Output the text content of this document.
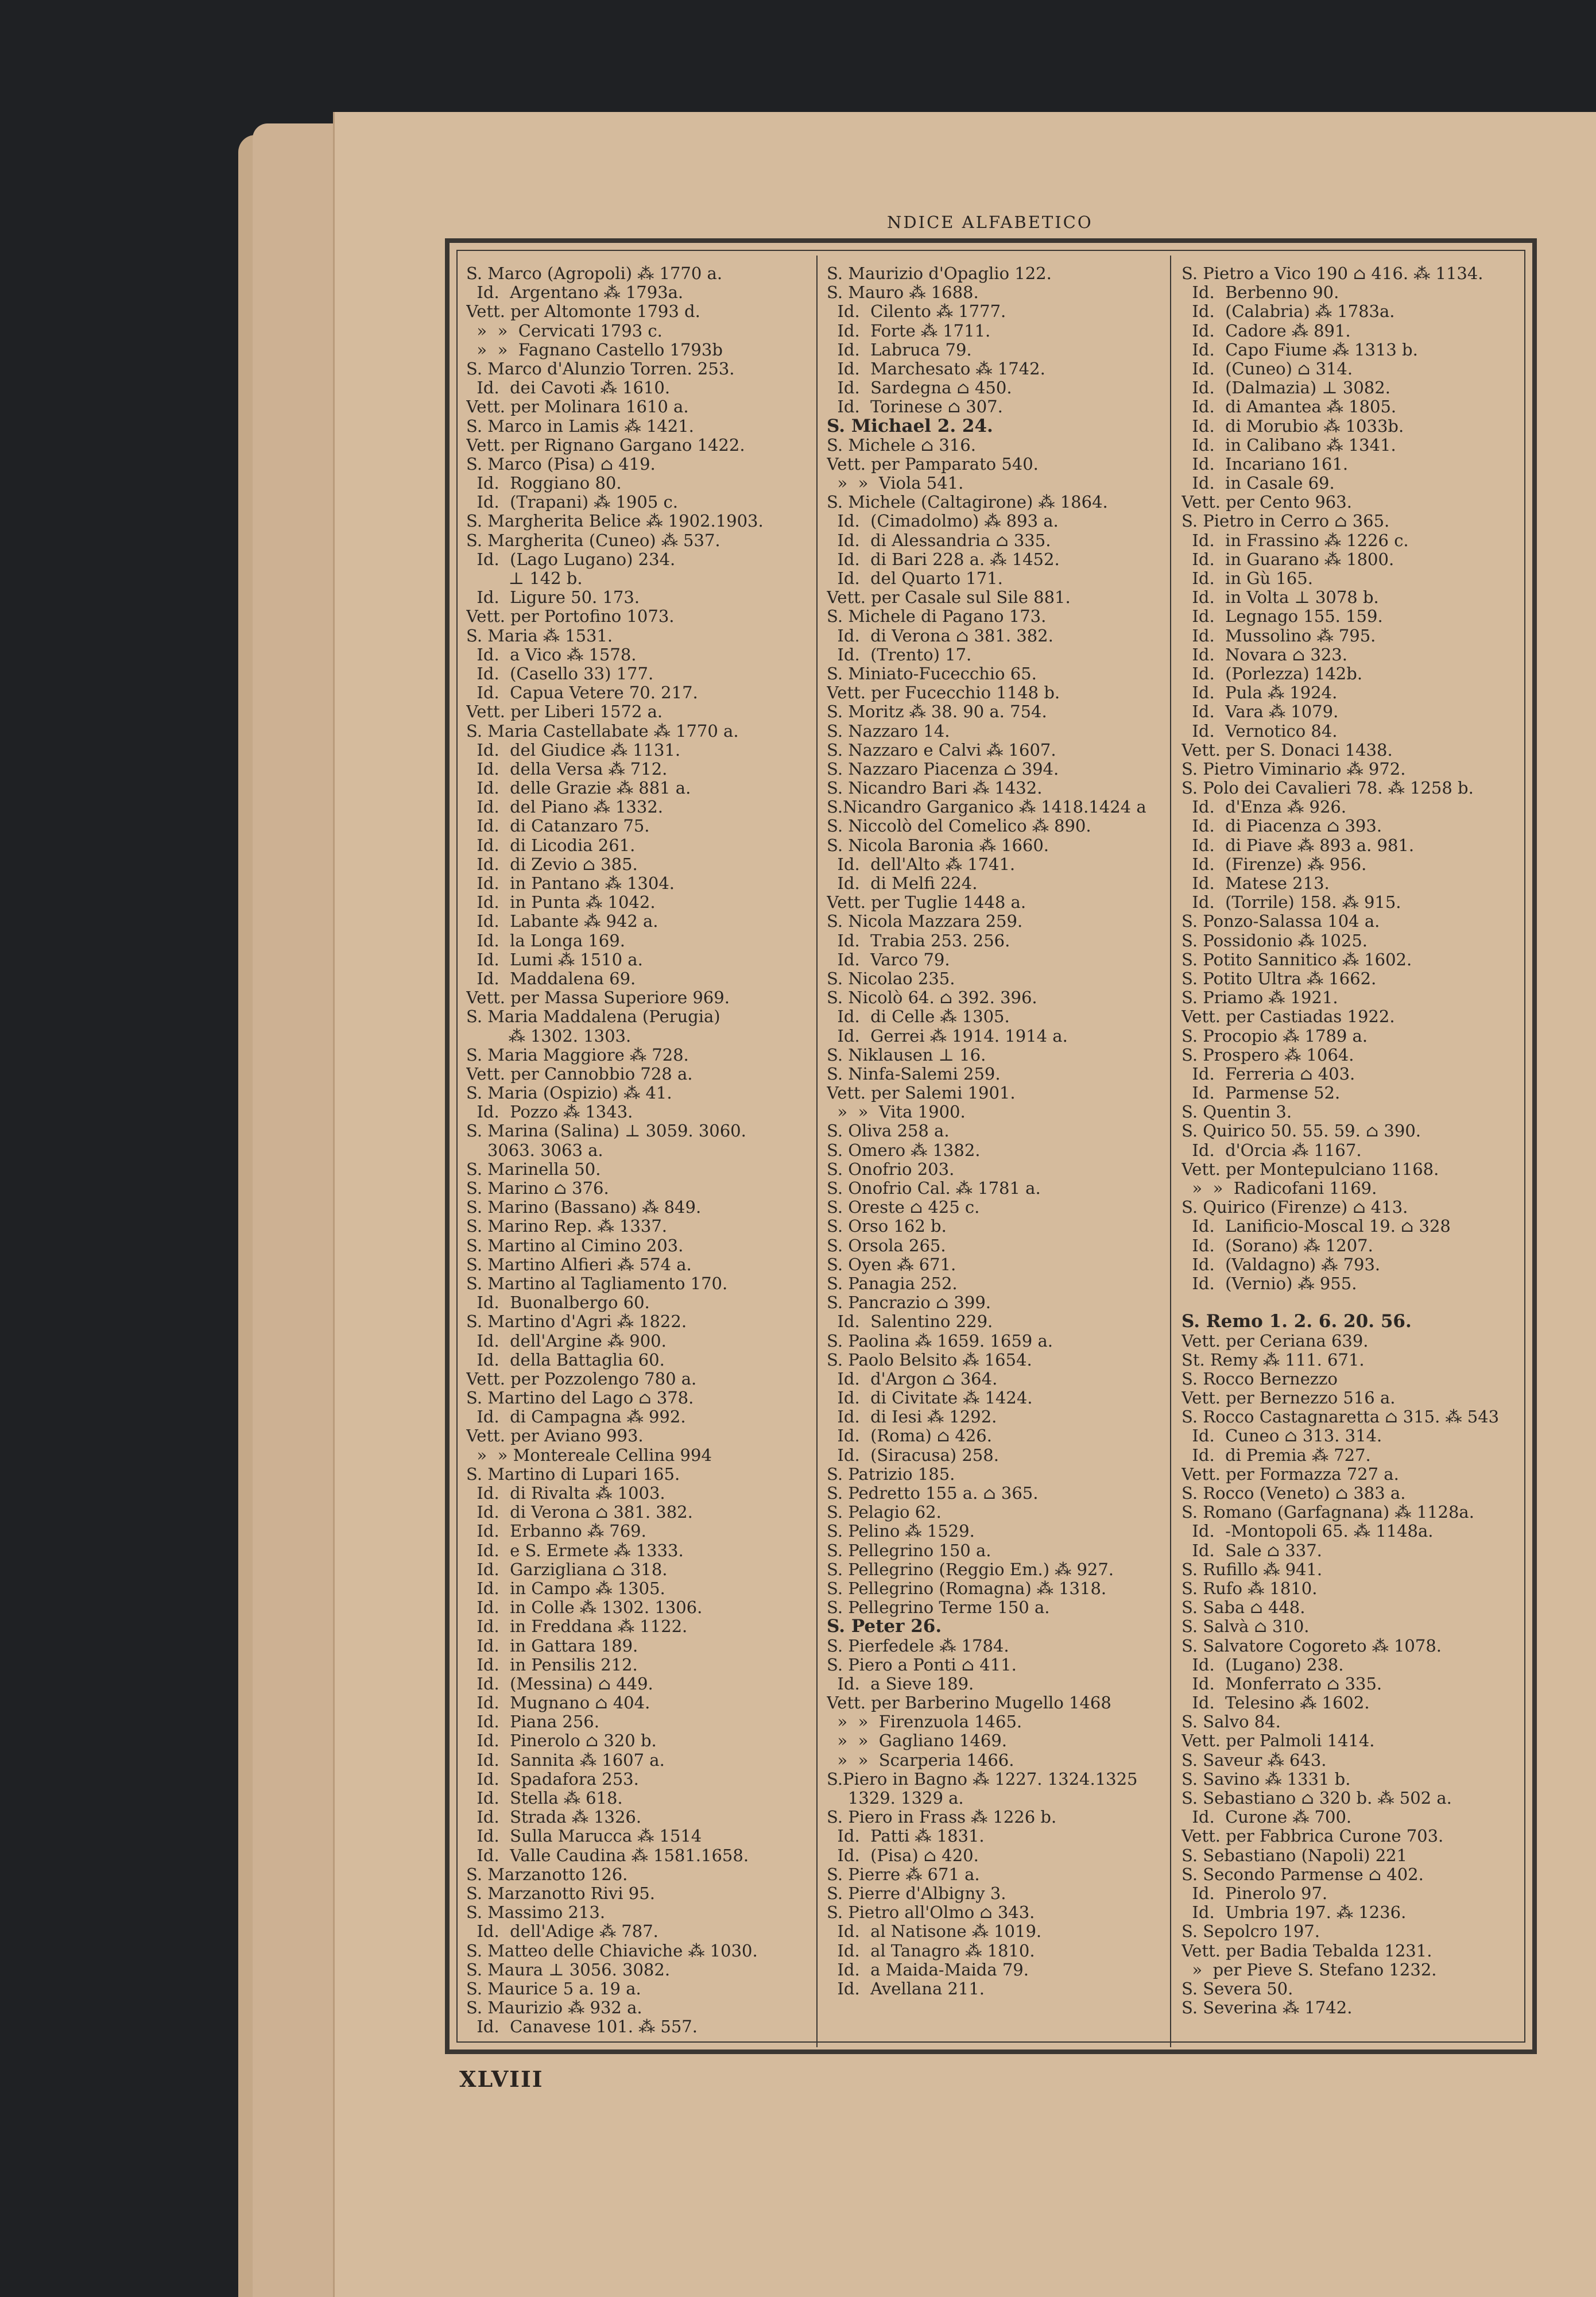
NDICE ALFABETICO
S. Marco (Agropoli) ⁂ 1770 a.
Id.  Argentano ⁂ 1793a.
Vett. per Altomonte 1793 d.
»  »  Cervicati 1793 c.
»  »  Fagnano Castello 1793b
S. Marco d'Alunzio Torren. 253.
Id.  dei Cavoti ⁂ 1610.
Vett. per Molinara 1610 a.
S. Marco in Lamis ⁂ 1421.
Vett. per Rignano Gargano 1422.
S. Marco (Pisa) ⌂ 419.
Id.  Roggiano 80.
Id.  (Trapani) ⁂ 1905 c.
S. Margherita Belice ⁂ 1902.1903.
S. Margherita (Cuneo) ⁂ 537.
Id.  (Lago Lugano) 234.
⊥ 142 b.
Id.  Ligure 50. 173.
Vett. per Portofino 1073.
S. Maria ⁂ 1531.
Id.  a Vico ⁂ 1578.
Id.  (Casello 33) 177.
Id.  Capua Vetere 70. 217.
Vett. per Liberi 1572 a.
S. Maria Castellabate ⁂ 1770 a.
Id.  del Giudice ⁂ 1131.
Id.  della Versa ⁂ 712.
Id.  delle Grazie ⁂ 881 a.
Id.  del Piano ⁂ 1332.
Id.  di Catanzaro 75.
Id.  di Licodia 261.
Id.  di Zevio ⌂ 385.
Id.  in Pantano ⁂ 1304.
Id.  in Punta ⁂ 1042.
Id.  Labante ⁂ 942 a.
Id.  la Longa 169.
Id.  Lumi ⁂ 1510 a.
Id.  Maddalena 69.
Vett. per Massa Superiore 969.
S. Maria Maddalena (Perugia)
⁂ 1302. 1303.
S. Maria Maggiore ⁂ 728.
Vett. per Cannobbio 728 a.
S. Maria (Ospizio) ⁂ 41.
Id.  Pozzo ⁂ 1343.
S. Marina (Salina) ⊥ 3059. 3060.
3063. 3063 a.
S. Marinella 50.
S. Marino ⌂ 376.
S. Marino (Bassano) ⁂ 849.
S. Marino Rep. ⁂ 1337.
S. Martino al Cimino 203.
S. Martino Alfieri ⁂ 574 a.
S. Martino al Tagliamento 170.
Id.  Buonalbergo 60.
S. Martino d'Agri ⁂ 1822.
Id.  dell'Argine ⁂ 900.
Id.  della Battaglia 60.
Vett. per Pozzolengo 780 a.
S. Martino del Lago ⌂ 378.
Id.  di Campagna ⁂ 992.
Vett. per Aviano 993.
»  » Montereale Cellina 994
S. Martino di Lupari 165.
Id.  di Rivalta ⁂ 1003.
Id.  di Verona ⌂ 381. 382.
Id.  Erbanno ⁂ 769.
Id.  e S. Ermete ⁂ 1333.
Id.  Garzigliana ⌂ 318.
Id.  in Campo ⁂ 1305.
Id.  in Colle ⁂ 1302. 1306.
Id.  in Freddana ⁂ 1122.
Id.  in Gattara 189.
Id.  in Pensilis 212.
Id.  (Messina) ⌂ 449.
Id.  Mugnano ⌂ 404.
Id.  Piana 256.
Id.  Pinerolo ⌂ 320 b.
Id.  Sannita ⁂ 1607 a.
Id.  Spadafora 253.
Id.  Stella ⁂ 618.
Id.  Strada ⁂ 1326.
Id.  Sulla Marucca ⁂ 1514
Id.  Valle Caudina ⁂ 1581.1658.
S. Marzanotto 126.
S. Marzanotto Rivi 95.
S. Massimo 213.
Id.  dell'Adige ⁂ 787.
S. Matteo delle Chiaviche ⁂ 1030.
S. Maura ⊥ 3056. 3082.
S. Maurice 5 a. 19 a.
S. Maurizio ⁂ 932 a.
Id.  Canavese 101. ⁂ 557.
S. Maurizio d'Opaglio 122.
S. Mauro ⁂ 1688.
Id.  Cilento ⁂ 1777.
Id.  Forte ⁂ 1711.
Id.  Labruca 79.
Id.  Marchesato ⁂ 1742.
Id.  Sardegna ⌂ 450.
Id.  Torinese ⌂ 307.
S. Michael 2. 24.
S. Michele ⌂ 316.
Vett. per Pamparato 540.
»  »  Viola 541.
S. Michele (Caltagirone) ⁂ 1864.
Id.  (Cimadolmo) ⁂ 893 a.
Id.  di Alessandria ⌂ 335.
Id.  di Bari 228 a. ⁂ 1452.
Id.  del Quarto 171.
Vett. per Casale sul Sile 881.
S. Michele di Pagano 173.
Id.  di Verona ⌂ 381. 382.
Id.  (Trento) 17.
S. Miniato-Fucecchio 65.
Vett. per Fucecchio 1148 b.
S. Moritz ⁂ 38. 90 a. 754.
S. Nazzaro 14.
S. Nazzaro e Calvi ⁂ 1607.
S. Nazzaro Piacenza ⌂ 394.
S. Nicandro Bari ⁂ 1432.
S.Nicandro Garganico ⁂ 1418.1424 a
S. Niccolò del Comelico ⁂ 890.
S. Nicola Baronia ⁂ 1660.
Id.  dell'Alto ⁂ 1741.
Id.  di Melfi 224.
Vett. per Tuglie 1448 a.
S. Nicola Mazzara 259.
Id.  Trabia 253. 256.
Id.  Varco 79.
S. Nicolao 235.
S. Nicolò 64. ⌂ 392. 396.
Id.  di Celle ⁂ 1305.
Id.  Gerrei ⁂ 1914. 1914 a.
S. Niklausen ⊥ 16.
S. Ninfa-Salemi 259.
Vett. per Salemi 1901.
»  »  Vita 1900.
S. Oliva 258 a.
S. Omero ⁂ 1382.
S. Onofrio 203.
S. Onofrio Cal. ⁂ 1781 a.
S. Oreste ⌂ 425 c.
S. Orso 162 b.
S. Orsola 265.
S. Oyen ⁂ 671.
S. Panagia 252.
S. Pancrazio ⌂ 399.
Id.  Salentino 229.
S. Paolina ⁂ 1659. 1659 a.
S. Paolo Belsito ⁂ 1654.
Id.  d'Argon ⌂ 364.
Id.  di Civitate ⁂ 1424.
Id.  di Iesi ⁂ 1292.
Id.  (Roma) ⌂ 426.
Id.  (Siracusa) 258.
S. Patrizio 185.
S. Pedretto 155 a. ⌂ 365.
S. Pelagio 62.
S. Pelino ⁂ 1529.
S. Pellegrino 150 a.
S. Pellegrino (Reggio Em.) ⁂ 927.
S. Pellegrino (Romagna) ⁂ 1318.
S. Pellegrino Terme 150 a.
S. Peter 26.
S. Pierfedele ⁂ 1784.
S. Piero a Ponti ⌂ 411.
Id.  a Sieve 189.
Vett. per Barberino Mugello 1468
»  »  Firenzuola 1465.
»  »  Gagliano 1469.
»  »  Scarperia 1466.
S.Piero in Bagno ⁂ 1227. 1324.1325
1329. 1329 a.
S. Piero in Frass ⁂ 1226 b.
Id.  Patti ⁂ 1831.
Id.  (Pisa) ⌂ 420.
S. Pierre ⁂ 671 a.
S. Pierre d'Albigny 3.
S. Pietro all'Olmo ⌂ 343.
Id.  al Natisone ⁂ 1019.
Id.  al Tanagro ⁂ 1810.
Id.  a Maida-Maida 79.
Id.  Avellana 211.
S. Pietro a Vico 190 ⌂ 416. ⁂ 1134.
Id.  Berbenno 90.
Id.  (Calabria) ⁂ 1783a.
Id.  Cadore ⁂ 891.
Id.  Capo Fiume ⁂ 1313 b.
Id.  (Cuneo) ⌂ 314.
Id.  (Dalmazia) ⊥ 3082.
Id.  di Amantea ⁂ 1805.
Id.  di Morubio ⁂ 1033b.
Id.  in Calibano ⁂ 1341.
Id.  Incariano 161.
Id.  in Casale 69.
Vett. per Cento 963.
S. Pietro in Cerro ⌂ 365.
Id.  in Frassino ⁂ 1226 c.
Id.  in Guarano ⁂ 1800.
Id.  in Gù 165.
Id.  in Volta ⊥ 3078 b.
Id.  Legnago 155. 159.
Id.  Mussolino ⁂ 795.
Id.  Novara ⌂ 323.
Id.  (Porlezza) 142b.
Id.  Pula ⁂ 1924.
Id.  Vara ⁂ 1079.
Id.  Vernotico 84.
Vett. per S. Donaci 1438.
S. Pietro Viminario ⁂ 972.
S. Polo dei Cavalieri 78. ⁂ 1258 b.
Id.  d'Enza ⁂ 926.
Id.  di Piacenza ⌂ 393.
Id.  di Piave ⁂ 893 a. 981.
Id.  (Firenze) ⁂ 956.
Id.  Matese 213.
Id.  (Torrile) 158. ⁂ 915.
S. Ponzo-Salassa 104 a.
S. Possidonio ⁂ 1025.
S. Potito Sannitico ⁂ 1602.
S. Potito Ultra ⁂ 1662.
S. Priamo ⁂ 1921.
Vett. per Castiadas 1922.
S. Procopio ⁂ 1789 a.
S. Prospero ⁂ 1064.
Id.  Ferreria ⌂ 403.
Id.  Parmense 52.
S. Quentin 3.
S. Quirico 50. 55. 59. ⌂ 390.
Id.  d'Orcia ⁂ 1167.
Vett. per Montepulciano 1168.
»  »  Radicofani 1169.
S. Quirico (Firenze) ⌂ 413.
Id.  Lanificio-Moscal 19. ⌂ 328
Id.  (Sorano) ⁂ 1207.
Id.  (Valdagno) ⁂ 793.
Id.  (Vernio) ⁂ 955.
S. Remo 1. 2. 6. 20. 56.
Vett. per Ceriana 639.
St. Remy ⁂ 111. 671.
S. Rocco Bernezzo
Vett. per Bernezzo 516 a.
S. Rocco Castagnaretta ⌂ 315. ⁂ 543
Id.  Cuneo ⌂ 313. 314.
Id.  di Premia ⁂ 727.
Vett. per Formazza 727 a.
S. Rocco (Veneto) ⌂ 383 a.
S. Romano (Garfagnana) ⁂ 1128a.
Id.  -Montopoli 65. ⁂ 1148a.
Id.  Sale ⌂ 337.
S. Rufillo ⁂ 941.
S. Rufo ⁂ 1810.
S. Saba ⌂ 448.
S. Salvà ⌂ 310.
S. Salvatore Cogoreto ⁂ 1078.
Id.  (Lugano) 238.
Id.  Monferrato ⌂ 335.
Id.  Telesino ⁂ 1602.
S. Salvo 84.
Vett. per Palmoli 1414.
S. Saveur ⁂ 643.
S. Savino ⁂ 1331 b.
S. Sebastiano ⌂ 320 b. ⁂ 502 a.
Id.  Curone ⁂ 700.
Vett. per Fabbrica Curone 703.
S. Sebastiano (Napoli) 221
S. Secondo Parmense ⌂ 402.
Id.  Pinerolo 97.
Id.  Umbria 197. ⁂ 1236.
S. Sepolcro 197.
Vett. per Badia Tebalda 1231.
»  per Pieve S. Stefano 1232.
S. Severa 50.
S. Severina ⁂ 1742.
XLVIII
